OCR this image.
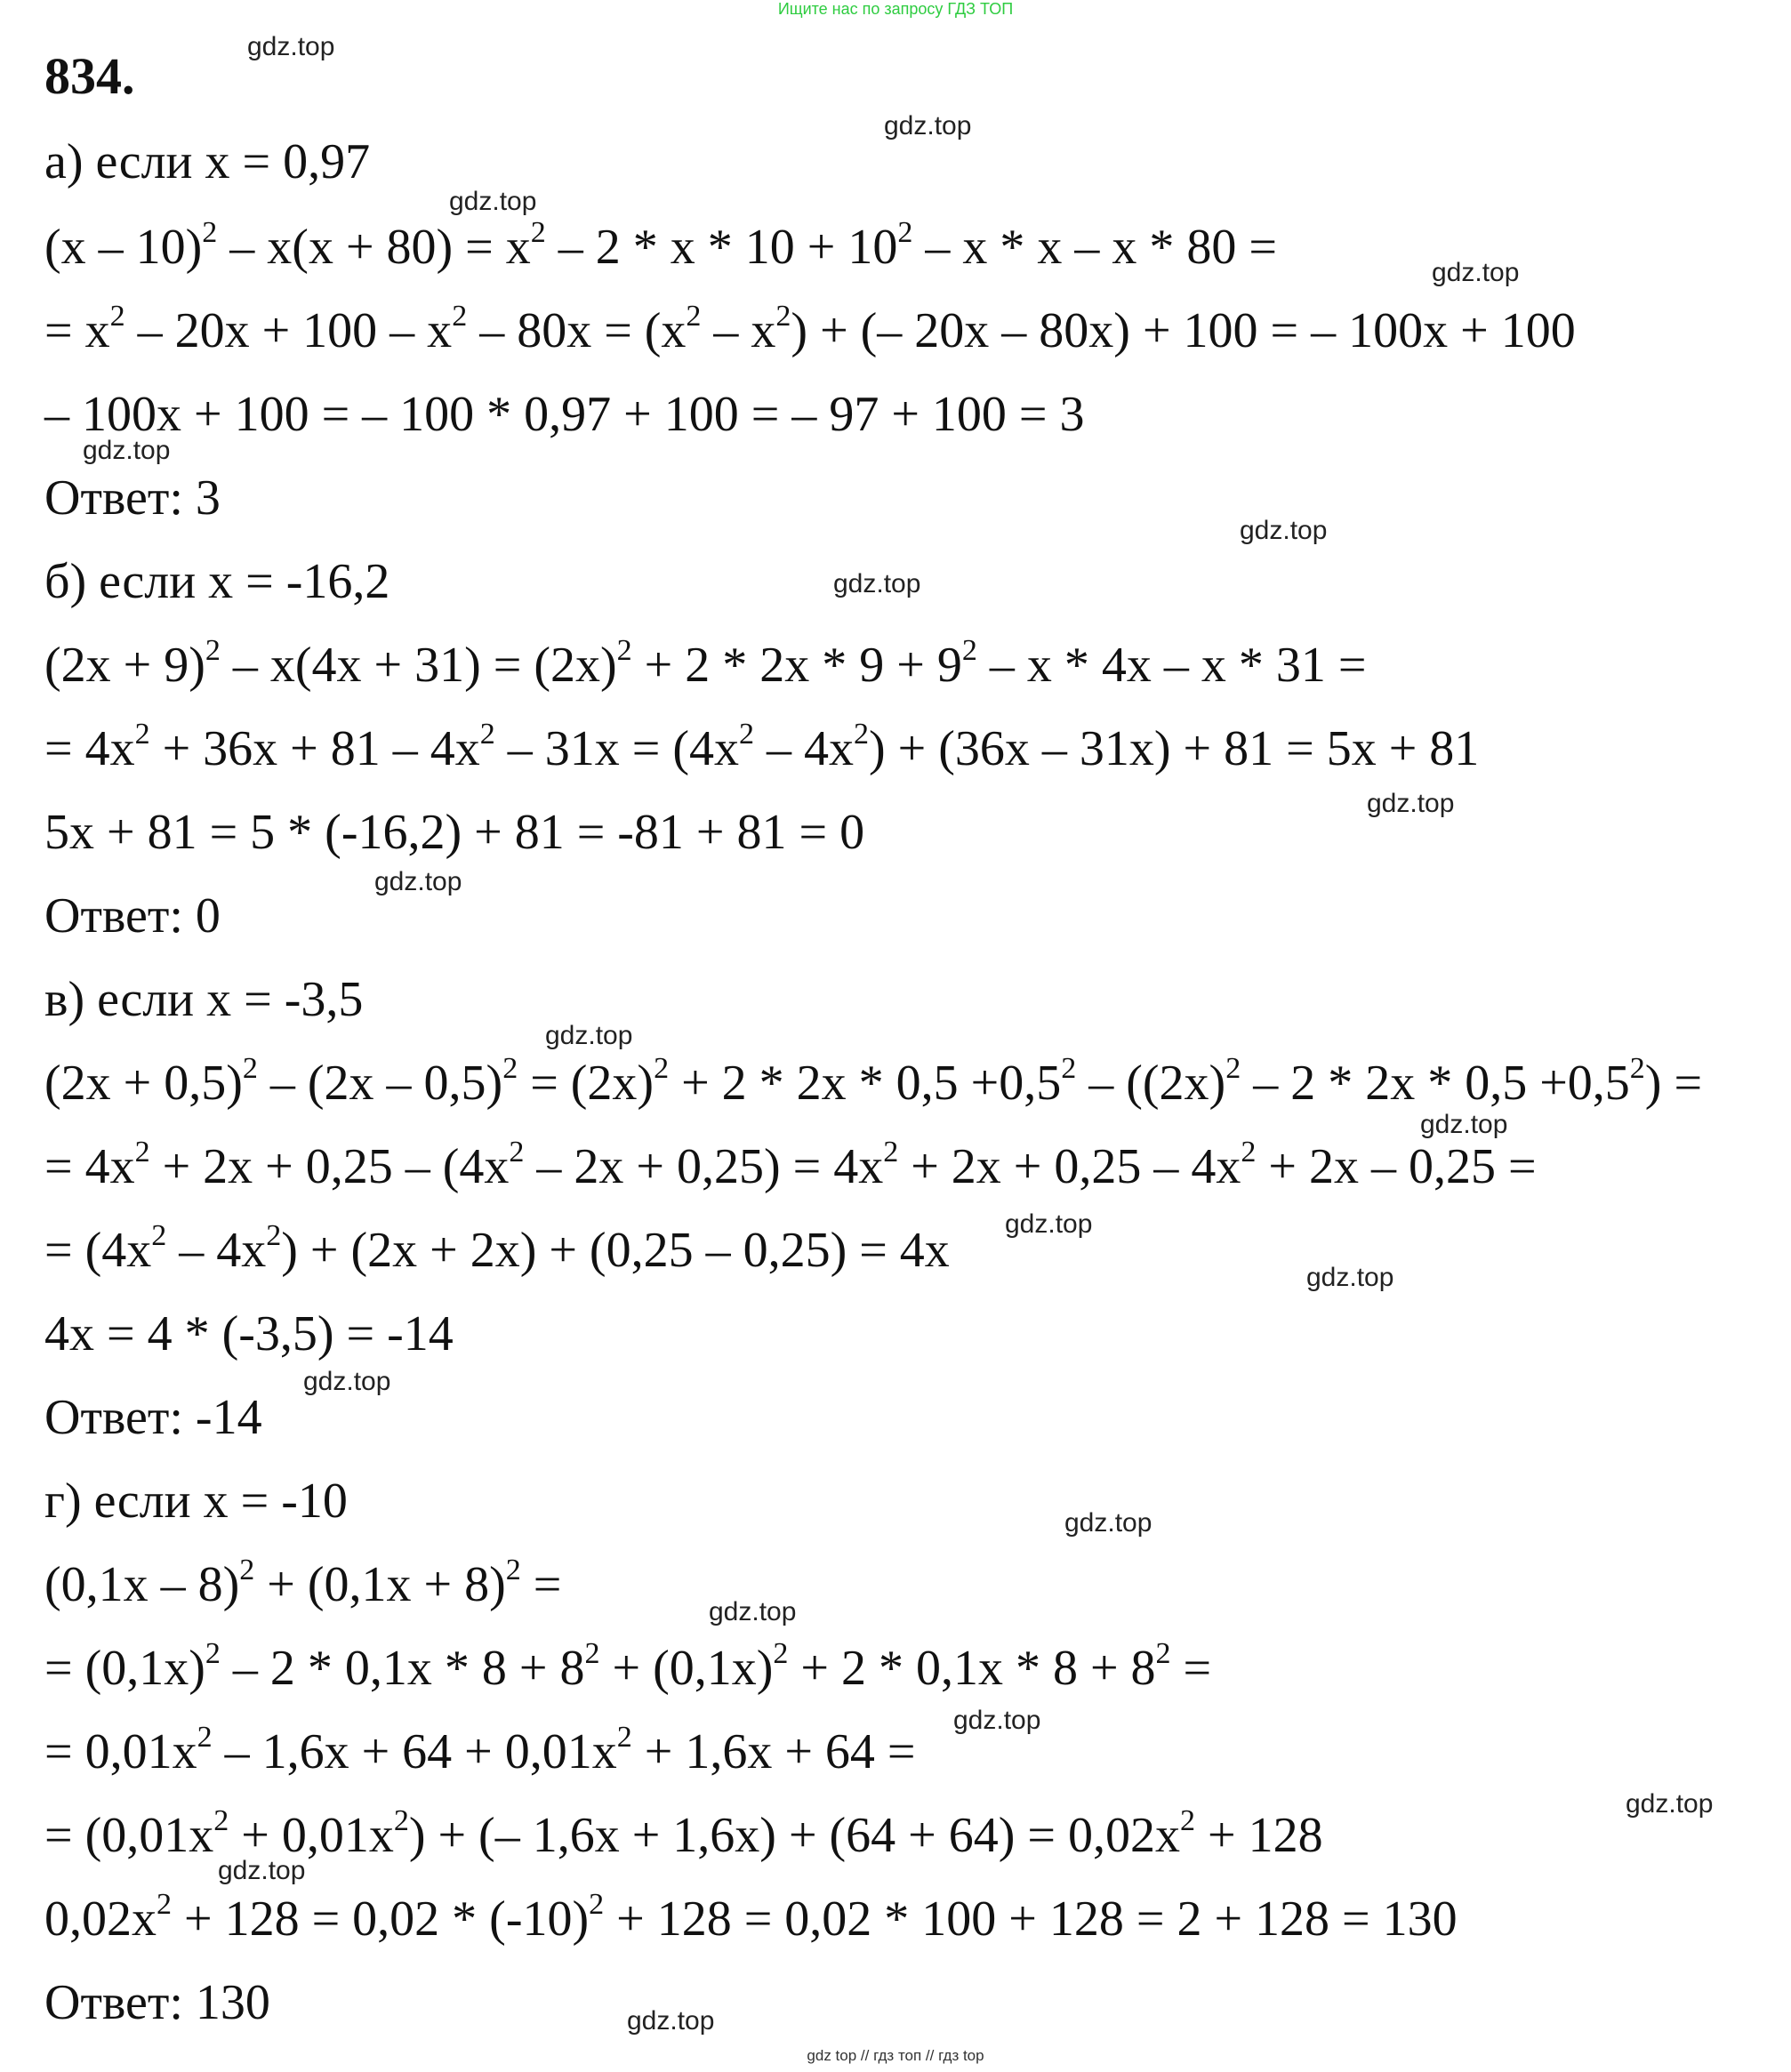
Ищите нас по запросу ГДЗ ТОП
834.
а) если x = 0,97
$(x - 10)^2 - x(x + 80) = x^2 - 2 * x * 10 + 10^2 - x * x - x * 80$ =
= $x^2 - 20x + 100 - x^2 - 80x = (x^2 - x^2)$ + (– 20x – 80x) + 100 = – 100x + 100
– 100x + 100 = – 100 * 0,97 + 100 = – 97 + 100 = 3
Ответ: 3
б) если x = -16,2
$(2x + 9)^2 - x(4x + 31) = (2x)^2 + 2 * 2x * 9 + 9^2 - x * 4x - x * 31$ =
= $4x^2 + 36x + 81 - 4x^2 - 31x = (4x^2 - 4x^2) + (36x - 31x) + 81 = 5x + 81$
5x + 81 = 5 * (-16,2) + 81 = -81 + 81 = 0
Ответ: 0
в) если x = -3,5
$(2x + 0,5)^2 - (2x - 0,5)^2 = (2x)^2 + 2 * 2x * 0,5 +0,5^2 - ((2x)^2 - 2 * 2x * 0,5 +0,5^2)$ =
= $4x^2 + 2x + 0,25 - (4x^2 - 2x + 0,25) = 4x^2 + 2x + 0,25 - 4x^2 + 2x - 0,25$ =
= $(4x^2 - 4x^2) + (2x + 2x) + (0,25 - 0,25) = 4x$
4x = 4 * (-3,5) = -14
Ответ: -14
г) если x = -10
$(0,1x - 8)^2 + (0,1x + 8)^2$ =
= $(0,1x)^2 - 2 * 0,1x * 8 + 8^2 + (0,1x)^2 + 2 * 0,1x * 8 + 8^2$ =
= $0,01x^2 - 1,6x + 64 + 0,01x^2 + 1,6x + 64$ =
= $(0,01x^2 + 0,01x^2)$ + (– $1,6x + 1,6x) + (64 + 64) = 0,02x^2 + 128$
$0,02x^2 + 128 = 0,02 * (-10)^2 + 128 = 0,02 * 100 + 128 = 2 + 128 = 130$
Ответ: 130
gdz.top
gdz.top
gdz.top
gdz.top
gdz.top
gdz.top
gdz.top
gdz.top
gdz.top
gdz.top
gdz.top
gdz.top
gdz.top
gdz.top
gdz.top
gdz.top
gdz.top
gdz.top
gdz.top
gdz.top
gdz top // гдз топ // гдз top
